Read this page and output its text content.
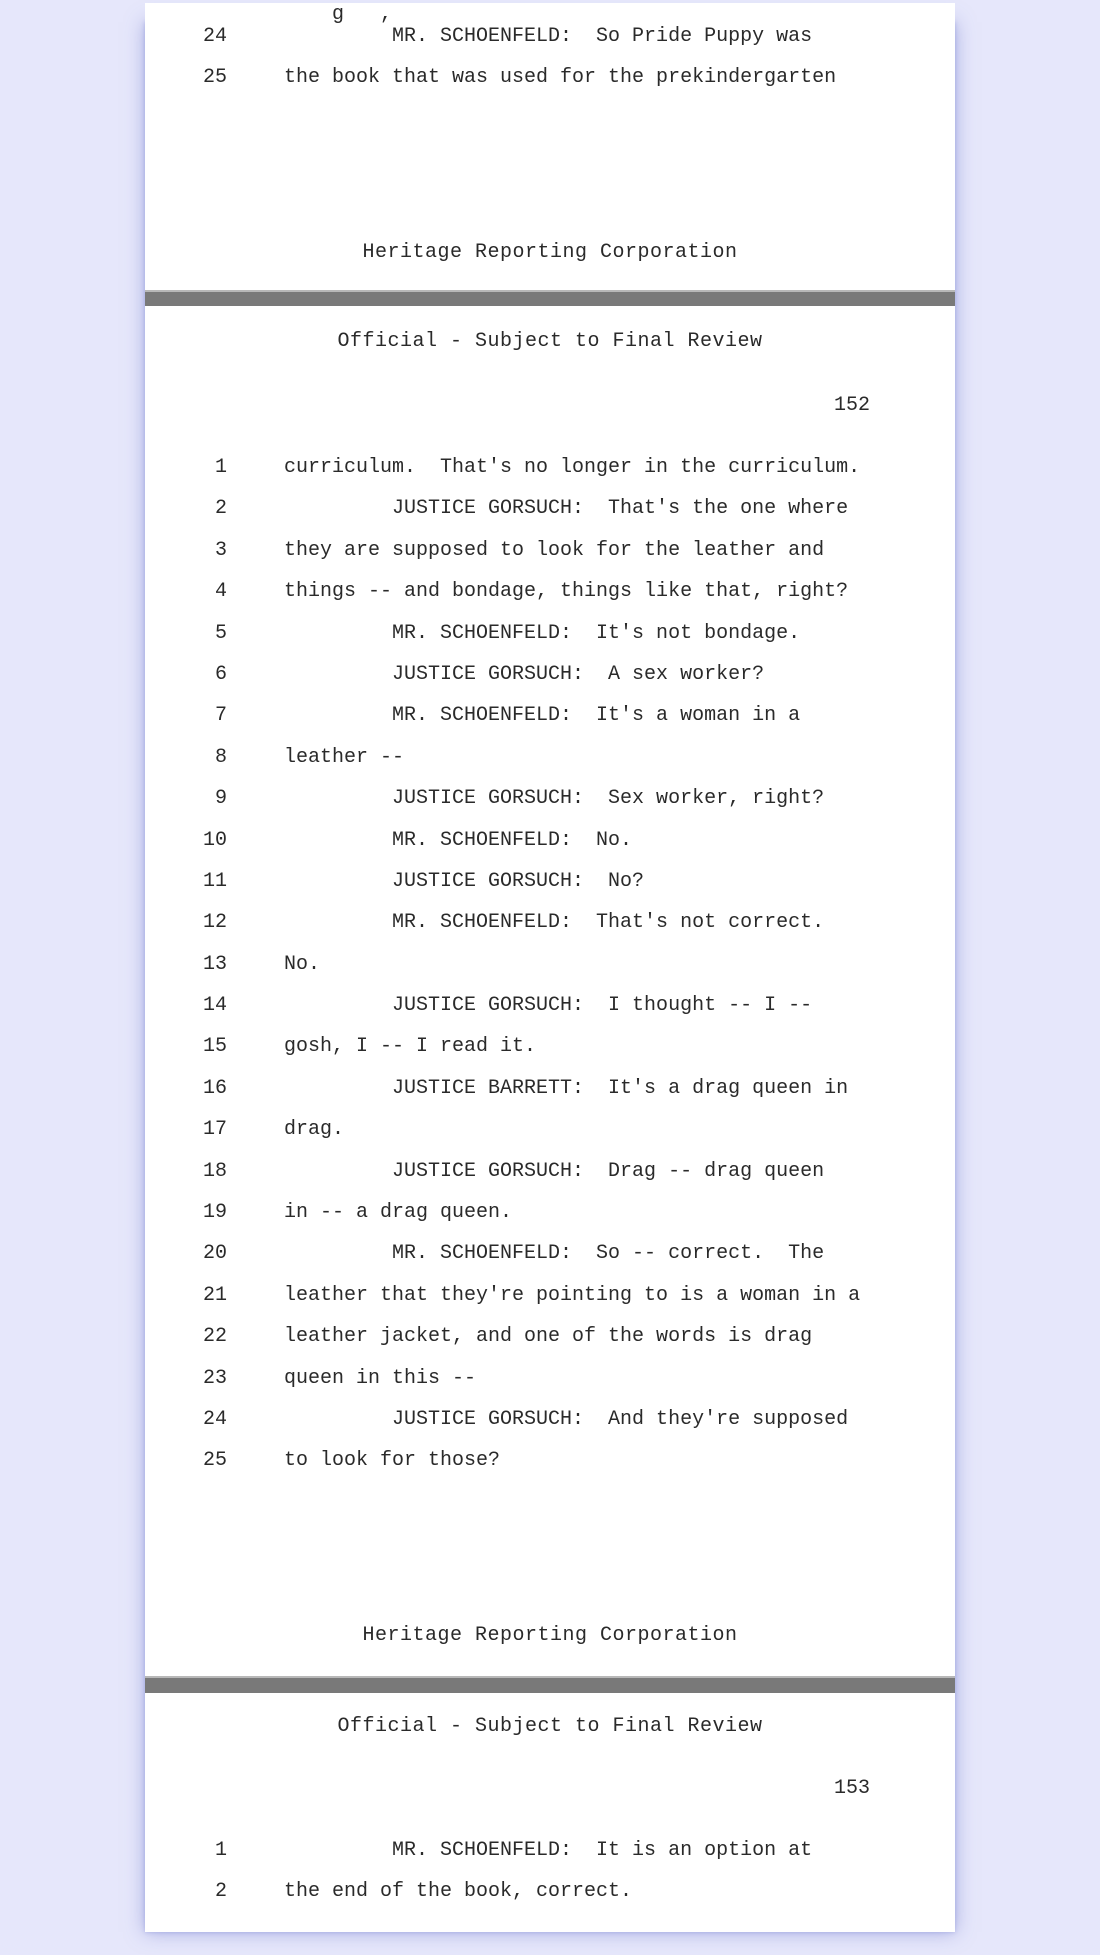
g   ,
24	MR. SCHOENFELD:  So Pride Puppy was
25	the book that was used for the prekindergarten
Heritage Reporting Corporation
Official - Subject to Final Review
152
1	curriculum.  That's no longer in the curriculum.
2	JUSTICE GORSUCH:  That's the one where
3	they are supposed to look for the leather and
4	things -- and bondage, things like that, right?
5	MR. SCHOENFELD:  It's not bondage.
6	JUSTICE GORSUCH:  A sex worker?
7	MR. SCHOENFELD:  It's a woman in a
8	leather --
9	JUSTICE GORSUCH:  Sex worker, right?
10	MR. SCHOENFELD:  No.
11	JUSTICE GORSUCH:  No?
12	MR. SCHOENFELD:  That's not correct.
13	No.
14	JUSTICE GORSUCH:  I thought -- I --
15	gosh, I -- I read it.
16	JUSTICE BARRETT:  It's a drag queen in
17	drag.
18	JUSTICE GORSUCH:  Drag -- drag queen
19	in -- a drag queen.
20	MR. SCHOENFELD:  So -- correct.  The
21	leather that they're pointing to is a woman in a
22	leather jacket, and one of the words is drag
23	queen in this --
24	JUSTICE GORSUCH:  And they're supposed
25	to look for those?
Heritage Reporting Corporation
Official - Subject to Final Review
153
1	MR. SCHOENFELD:  It is an option at
2	the end of the book, correct.
